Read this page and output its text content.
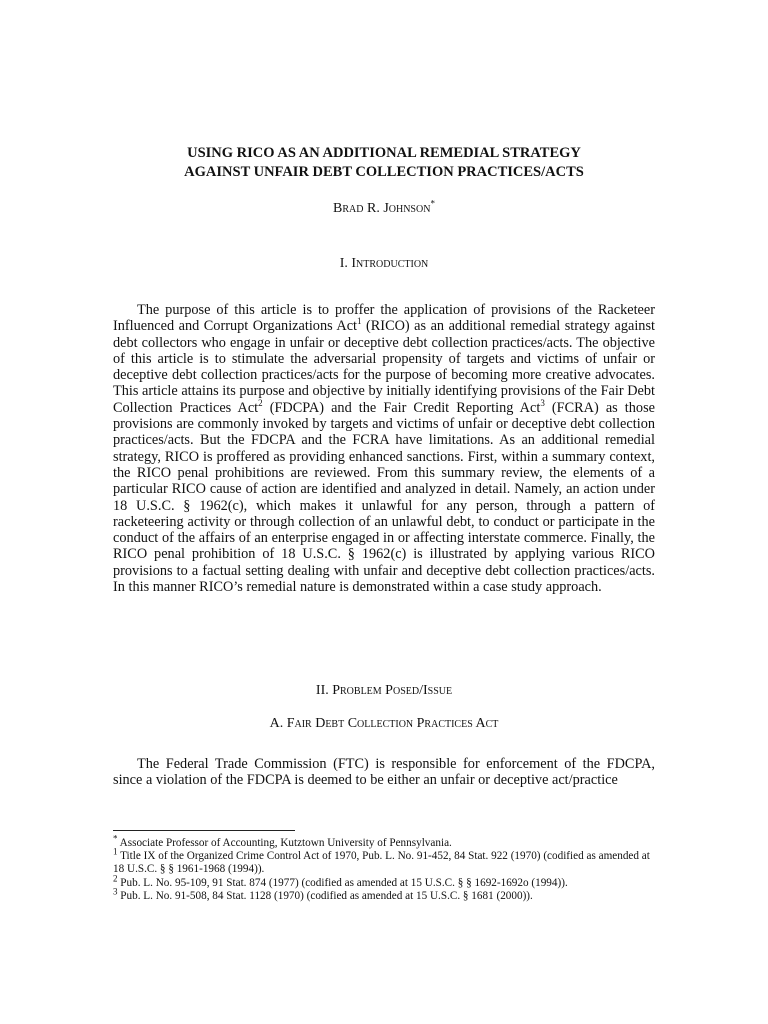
USING RICO AS AN ADDITIONAL REMEDIAL STRATEGY
AGAINST UNFAIR DEBT COLLECTION PRACTICES/ACTS
Brad R. Johnson*
I. Introduction

The purpose of this article is to proffer the application of provisions of the Racketeer Influenced and Corrupt Organizations Act$^1$ (RICO) as an additional remedial strategy against debt collectors who engage in unfair or deceptive debt collection practices/acts. The objective of this article is to stimulate the adversarial propensity of targets and victims of unfair or deceptive debt collection practices/acts for the purpose of becoming more creative advocates. This article attains its purpose and objective by initially identifying provisions of the Fair Debt Collection Practices Act$^2$ (FDCPA) and the Fair Credit Reporting Act$^3$ (FCRA) as those provisions are commonly invoked by targets and victims of unfair or deceptive debt collection practices/acts. But the FDCPA and the FCRA have limitations. As an additional remedial strategy, RICO is proffered as providing enhanced sanctions. First, within a summary context, the RICO penal prohibitions are reviewed. From this summary review, the elements of a particular RICO cause of action are identified and analyzed in detail. Namely, an action under 18 U.S.C. § 1962(c), which makes it unlawful for any person, through a pattern of racketeering activity or through collection of an unlawful debt, to conduct or participate in the conduct of the affairs of an enterprise engaged in or affecting interstate commerce. Finally, the RICO penal prohibition of 18 U.S.C. § 1962(c) is illustrated by applying various RICO provisions to a factual setting dealing with unfair and deceptive debt collection practices/acts. In this manner RICO’s remedial nature is demonstrated within a case study approach.

II. Problem Posed/Issue
A. Fair Debt Collection Practices Act

The Federal Trade Commission (FTC) is responsible for enforcement of the FDCPA, since a violation of the FDCPA is deemed to be either an unfair or deceptive act/practice

* Associate Professor of Accounting, Kutztown University of Pennsylvania.

$^1$ Title IX of the Organized Crime Control Act of 1970, Pub. L. No. 91-452, 84 Stat. 922 (1970) (codified as amended at 18 U.S.C. § § 1961-1968 (1994)).

$^2$ Pub. L. No. 95-109, 91 Stat. 874 (1977) (codified as amended at 15 U.S.C. § § 1692-1692o (1994)).

$^3$ Pub. L. No. 91-508, 84 Stat. 1128 (1970) (codified as amended at 15 U.S.C. § 1681 (2000)).
